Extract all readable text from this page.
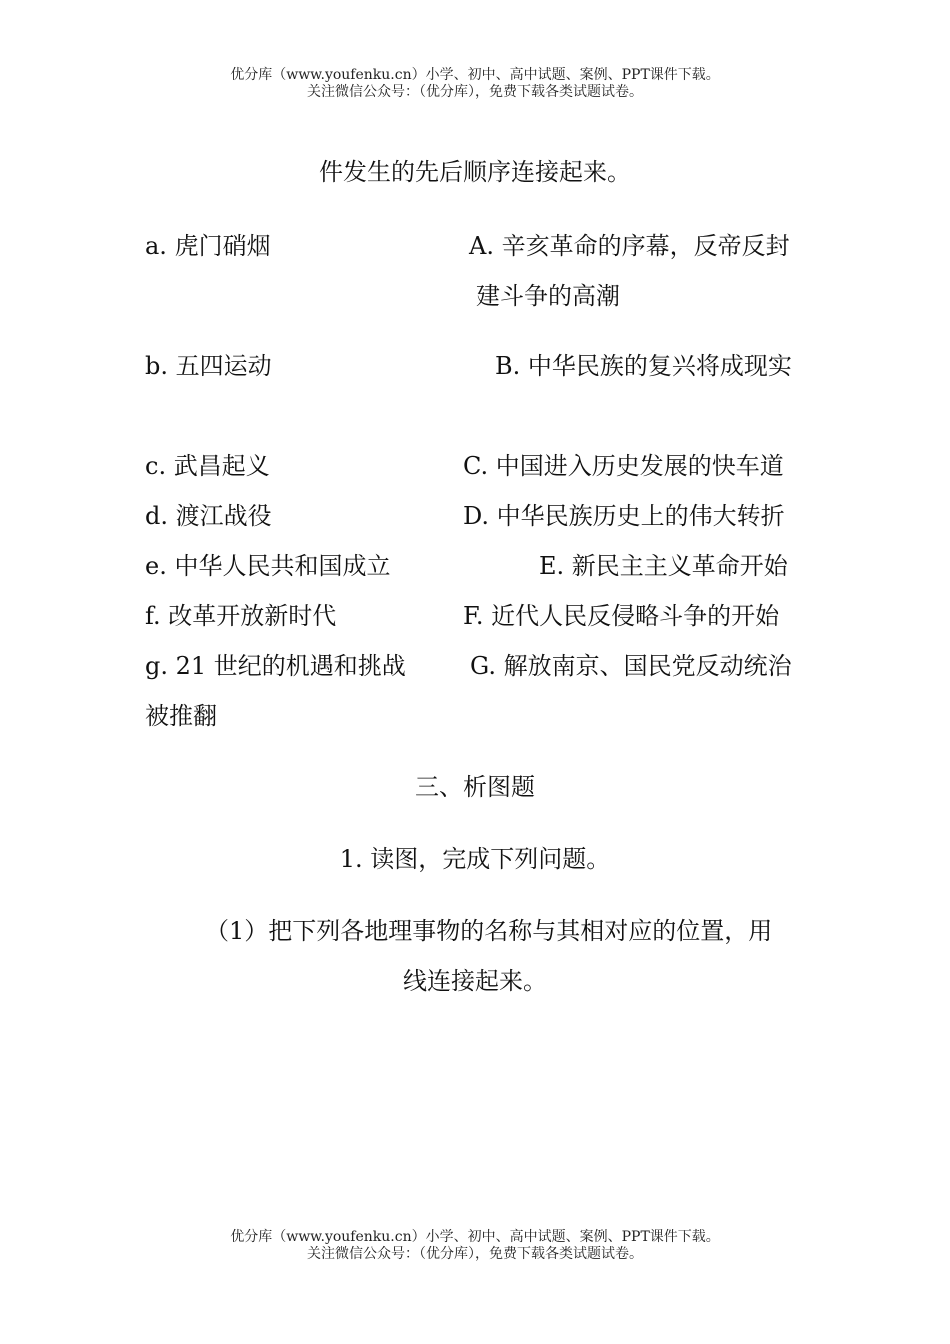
优分库（www.youfenku.cn）小学、初中、高中试题、案例、PPT课件下载。
关注微信公众号：（优分库），免费下载各类试题试卷。
件发生的先后顺序连接起来。
a. 虎门硝烟
b. 五四运动
c. 武昌起义
d. 渡江战役
e. 中华人民共和国成立
f. 改革开放新时代
g. 21 世纪的机遇和挑战
被推翻
A. 辛亥革命的序幕，反帝反封
建斗争的高潮
B. 中华民族的复兴将成现实
C. 中国进入历史发展的快车道
D. 中华民族历史上的伟大转折
E. 新民主主义革命开始
F. 近代人民反侵略斗争的开始
G. 解放南京、国民党反动统治
三、析图题
1. 读图，完成下列问题。
（1）把下列各地理事物的名称与其相对应的位置，用
线连接起来。
优分库（www.youfenku.cn）小学、初中、高中试题、案例、PPT课件下载。
关注微信公众号：（优分库），免费下载各类试题试卷。
